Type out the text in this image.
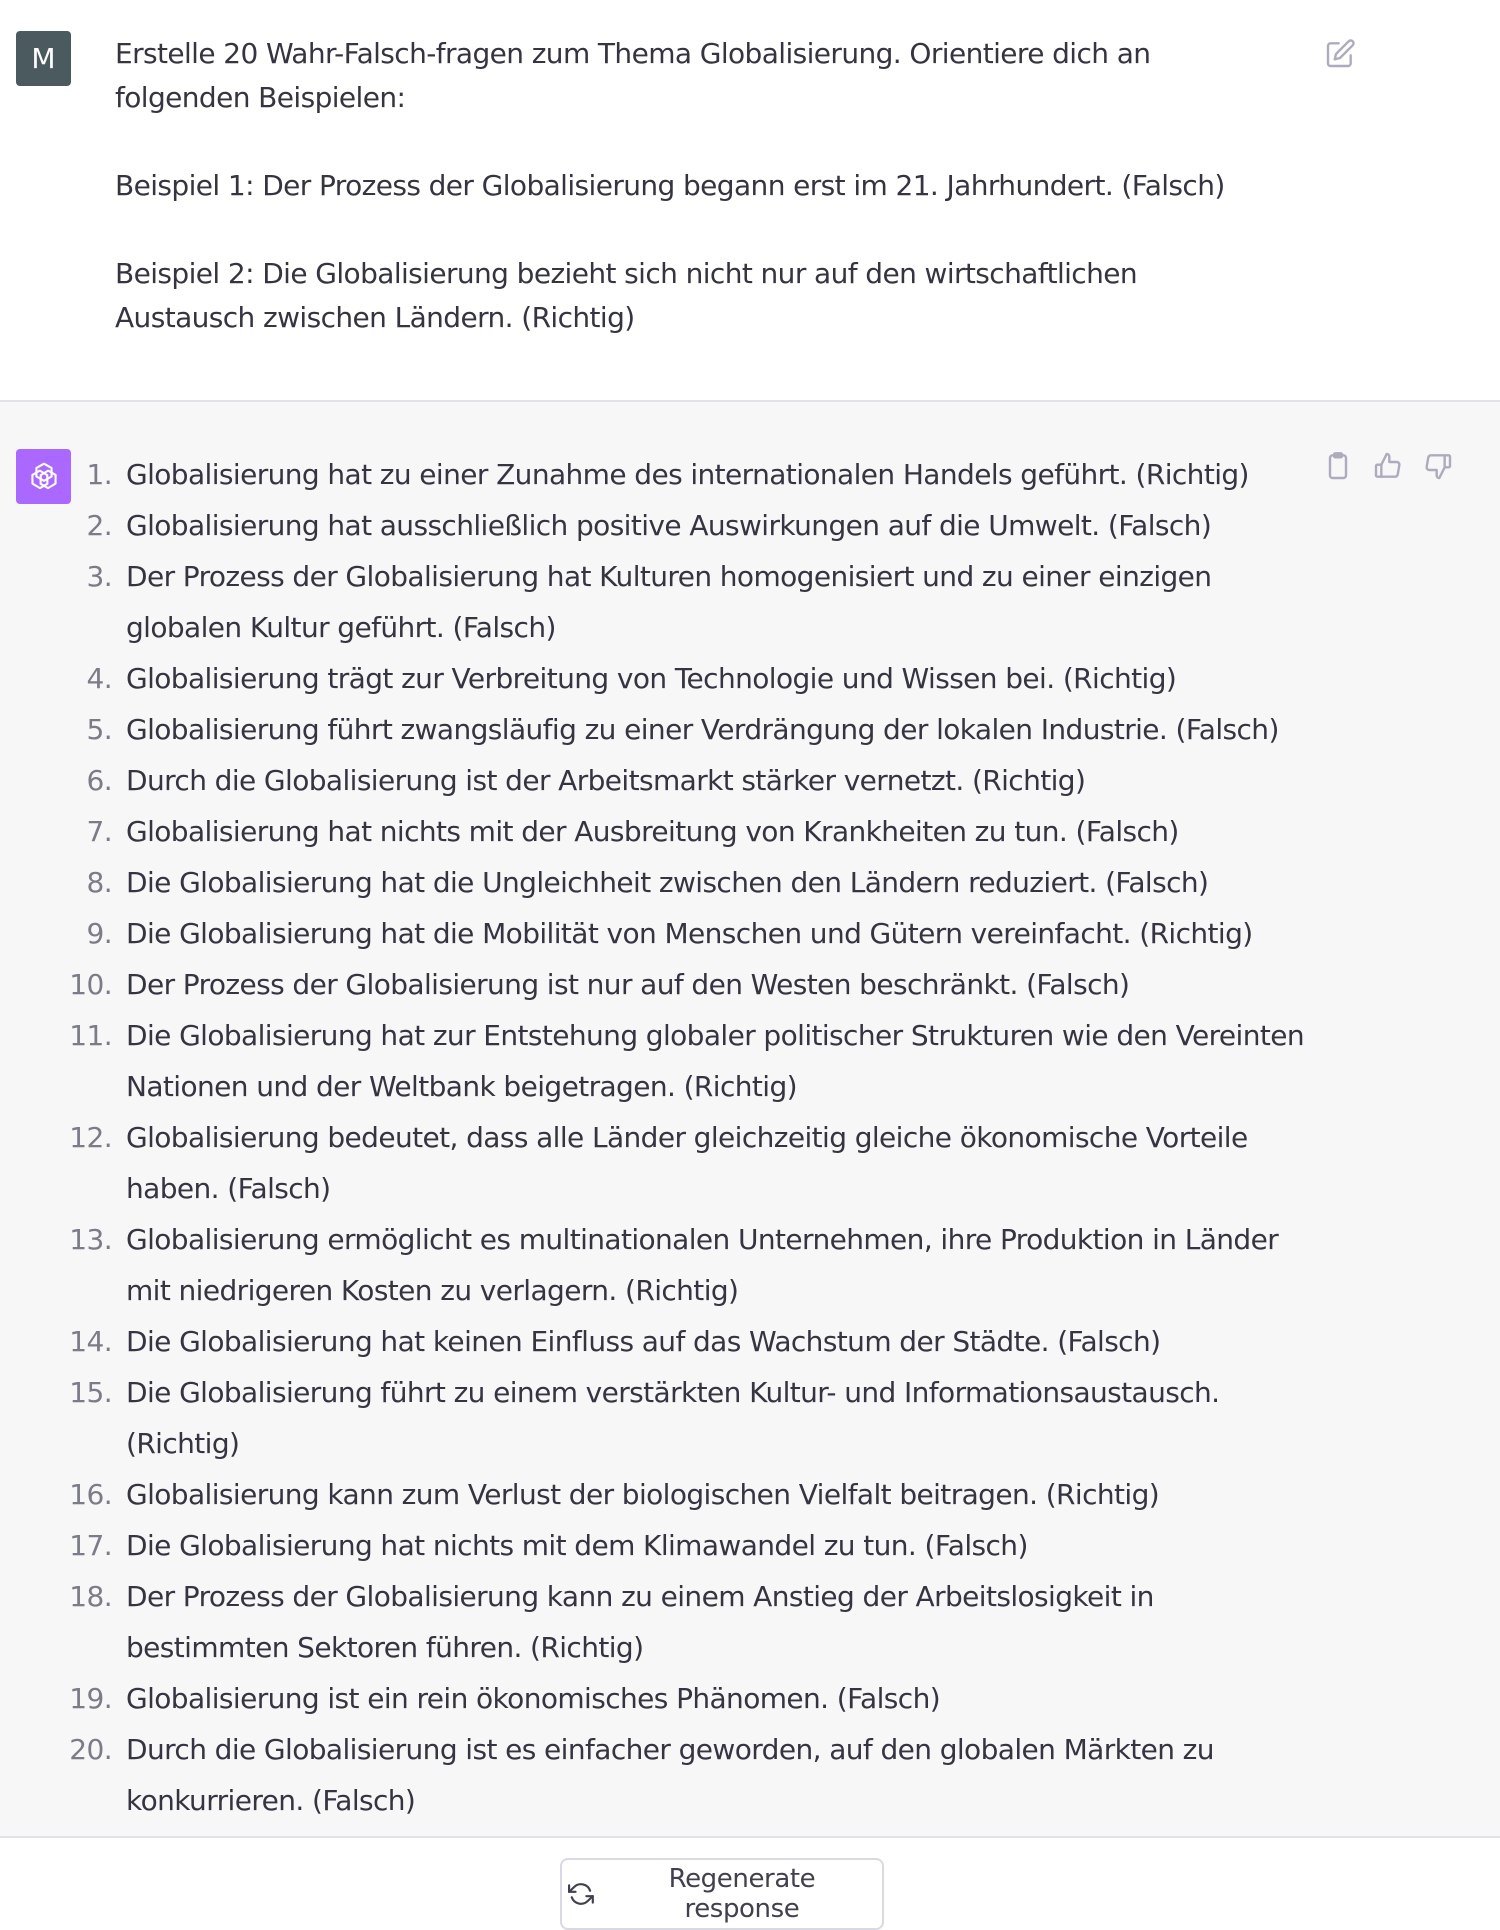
M	Erstelle 20 Wahr-Falsch-fragen zum Thema Globalisierung. Orientiere dich an folgenden Beispielen:

Beispiel 1: Der Prozess der Globalisierung begann erst im 21. Jahrhundert. (Falsch)

Beispiel 2: Die Globalisierung bezieht sich nicht nur auf den wirtschaftlichen Austausch zwischen Ländern. (Richtig)

1. Globalisierung hat zu einer Zunahme des internationalen Handels geführt. (Richtig)
2. Globalisierung hat ausschließlich positive Auswirkungen auf die Umwelt. (Falsch)
3. Der Prozess der Globalisierung hat Kulturen homogenisiert und zu einer einzigen globalen Kultur geführt. (Falsch)
4. Globalisierung trägt zur Verbreitung von Technologie und Wissen bei. (Richtig)
5. Globalisierung führt zwangsläufig zu einer Verdrängung der lokalen Industrie. (Falsch)
6. Durch die Globalisierung ist der Arbeitsmarkt stärker vernetzt. (Richtig)
7. Globalisierung hat nichts mit der Ausbreitung von Krankheiten zu tun. (Falsch)
8. Die Globalisierung hat die Ungleichheit zwischen den Ländern reduziert. (Falsch)
9. Die Globalisierung hat die Mobilität von Menschen und Gütern vereinfacht. (Richtig)
10. Der Prozess der Globalisierung ist nur auf den Westen beschränkt. (Falsch)
11. Die Globalisierung hat zur Entstehung globaler politischer Strukturen wie den Vereinten Nationen und der Weltbank beigetragen. (Richtig)
12. Globalisierung bedeutet, dass alle Länder gleichzeitig gleiche ökonomische Vorteile haben. (Falsch)
13. Globalisierung ermöglicht es multinationalen Unternehmen, ihre Produktion in Länder mit niedrigeren Kosten zu verlagern. (Richtig)
14. Die Globalisierung hat keinen Einfluss auf das Wachstum der Städte. (Falsch)
15. Die Globalisierung führt zu einem verstärkten Kultur- und Informationsaustausch. (Richtig)
16. Globalisierung kann zum Verlust der biologischen Vielfalt beitragen. (Richtig)
17. Die Globalisierung hat nichts mit dem Klimawandel zu tun. (Falsch)
18. Der Prozess der Globalisierung kann zu einem Anstieg der Arbeitslosigkeit in bestimmten Sektoren führen. (Richtig)
19. Globalisierung ist ein rein ökonomisches Phänomen. (Falsch)
20. Durch die Globalisierung ist es einfacher geworden, auf den globalen Märkten zu konkurrieren. (Falsch)
Regenerate response
